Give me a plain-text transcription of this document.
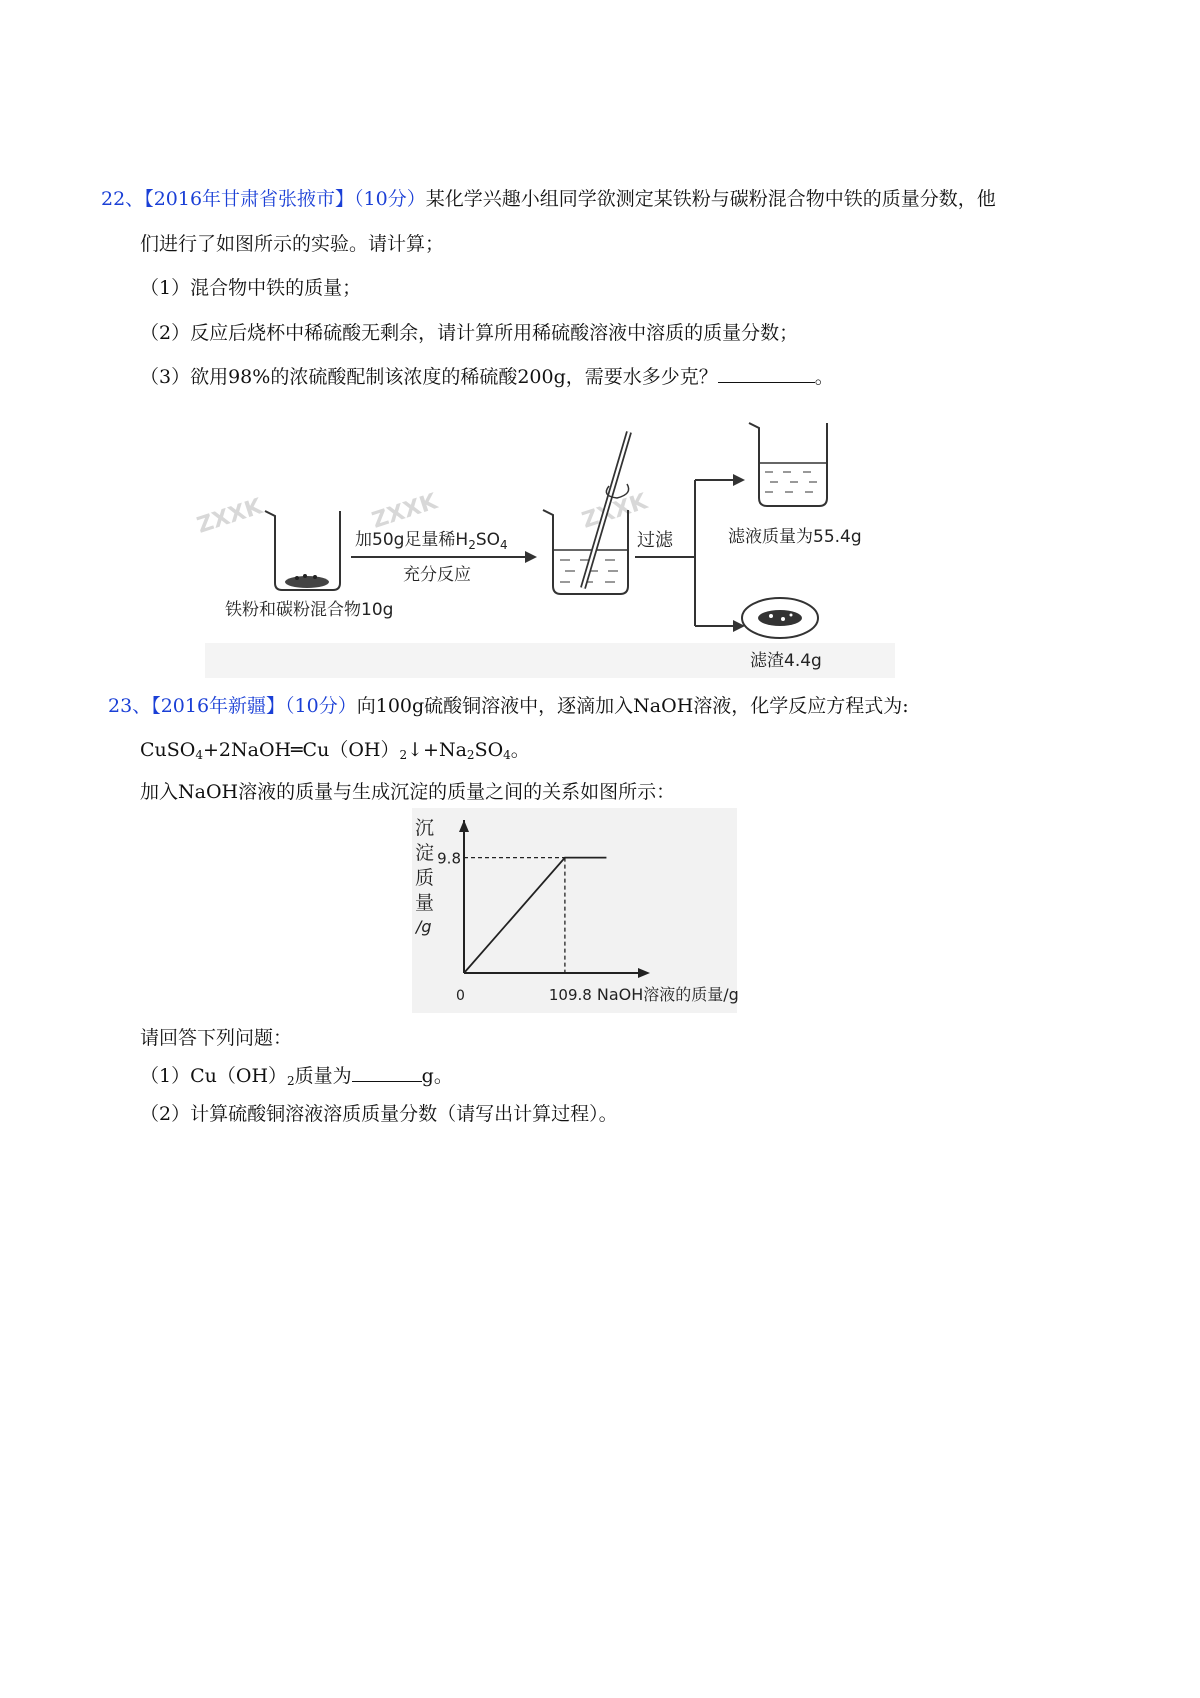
22、【2016年甘肃省张掖市】（10分）某化学兴趣小组同学欲测定某铁粉与碳粉混合物中铁的质量分数，他
们进行了如图所示的实验。请计算；
（1）混合物中铁的质量；
（2）反应后烧杯中稀硫酸无剩余，请计算所用稀硫酸溶液中溶质的质量分数；
（3）欲用98%的浓硫酸配制该浓度的稀硫酸200g，需要水多少克？	。
ZXXK	ZXXK	ZXXK
铁粉和碳粉混合物10g
加50g足量稀$H_2SO_4$
充分反应
过滤	滤液质量为55.4g
滤渣4.4g
23、【2016年新疆】（10分）向100g硫酸铜溶液中，逐滴加入NaOH溶液，化学反应方程式为:
$CuSO_4+2NaOH═Cu(OH)_2↓+Na_2SO_4$。
加入NaOH溶液的质量与生成沉淀的质量之间的关系如图所示：
沉
淀
质
量
/g
9.8
0	109.8 NaOH溶液的质量/g
请回答下列问题：
$(1)Cu(OH)_2$质量为	g。
（2）计算硫酸铜溶液溶质质量分数（请写出计算过程）。
